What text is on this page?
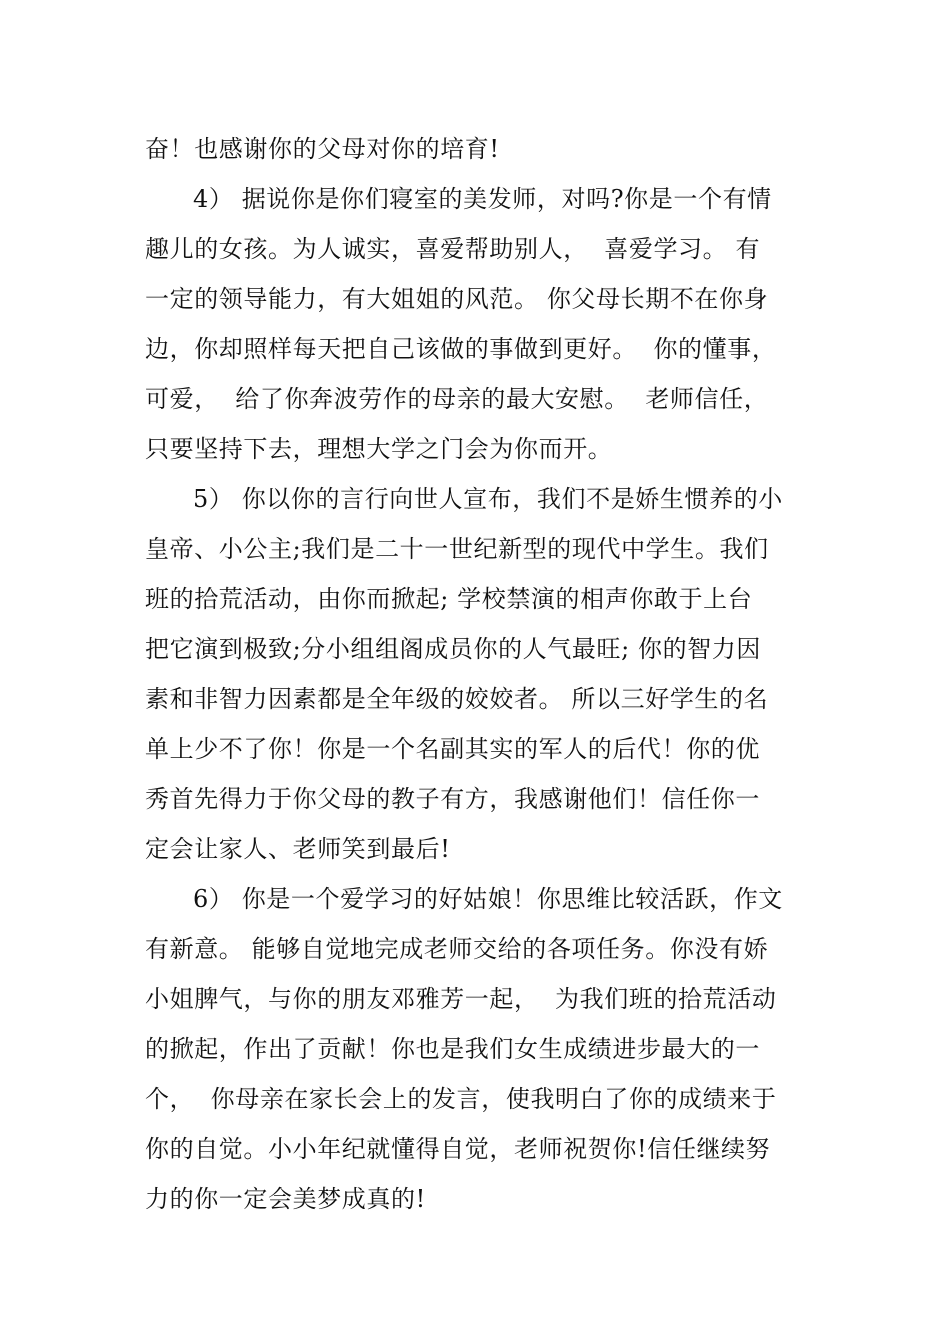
奋！也感谢你的父母对你的培育!
4） 据说你是你们寝室的美发师，对吗?你是一个有情
趣儿的女孩。为人诚实，喜爱帮助别人，  喜爱学习。 有
一定的领导能力，有大姐姐的风范。 你父母长期不在你身
边，你却照样每天把自己该做的事做到更好。  你的懂事，
可爱，  给了你奔波劳作的母亲的最大安慰。  老师信任，
只要坚持下去，理想大学之门会为你而开。
5） 你以你的言行向世人宣布，我们不是娇生惯养的小
皇帝、小公主;我们是二十一世纪新型的现代中学生。我们
班的拾荒活动，由你而掀起; 学校禁演的相声你敢于上台
把它演到极致;分小组组阁成员你的人气最旺; 你的智力因
素和非智力因素都是全年级的姣姣者。 所以三好学生的名
单上少不了你！你是一个名副其实的军人的后代！你的优
秀首先得力于你父母的教子有方，我感谢他们！信任你一
定会让家人、老师笑到最后!
6） 你是一个爱学习的好姑娘！你思维比较活跃，作文
有新意。 能够自觉地完成老师交给的各项任务。你没有娇
小姐脾气，与你的朋友邓雅芳一起，  为我们班的拾荒活动
的掀起，作出了贡献！你也是我们女生成绩进步最大的一
个，  你母亲在家长会上的发言，使我明白了你的成绩来于
你的自觉。小小年纪就懂得自觉，老师祝贺你!信任继续努
力的你一定会美梦成真的!
